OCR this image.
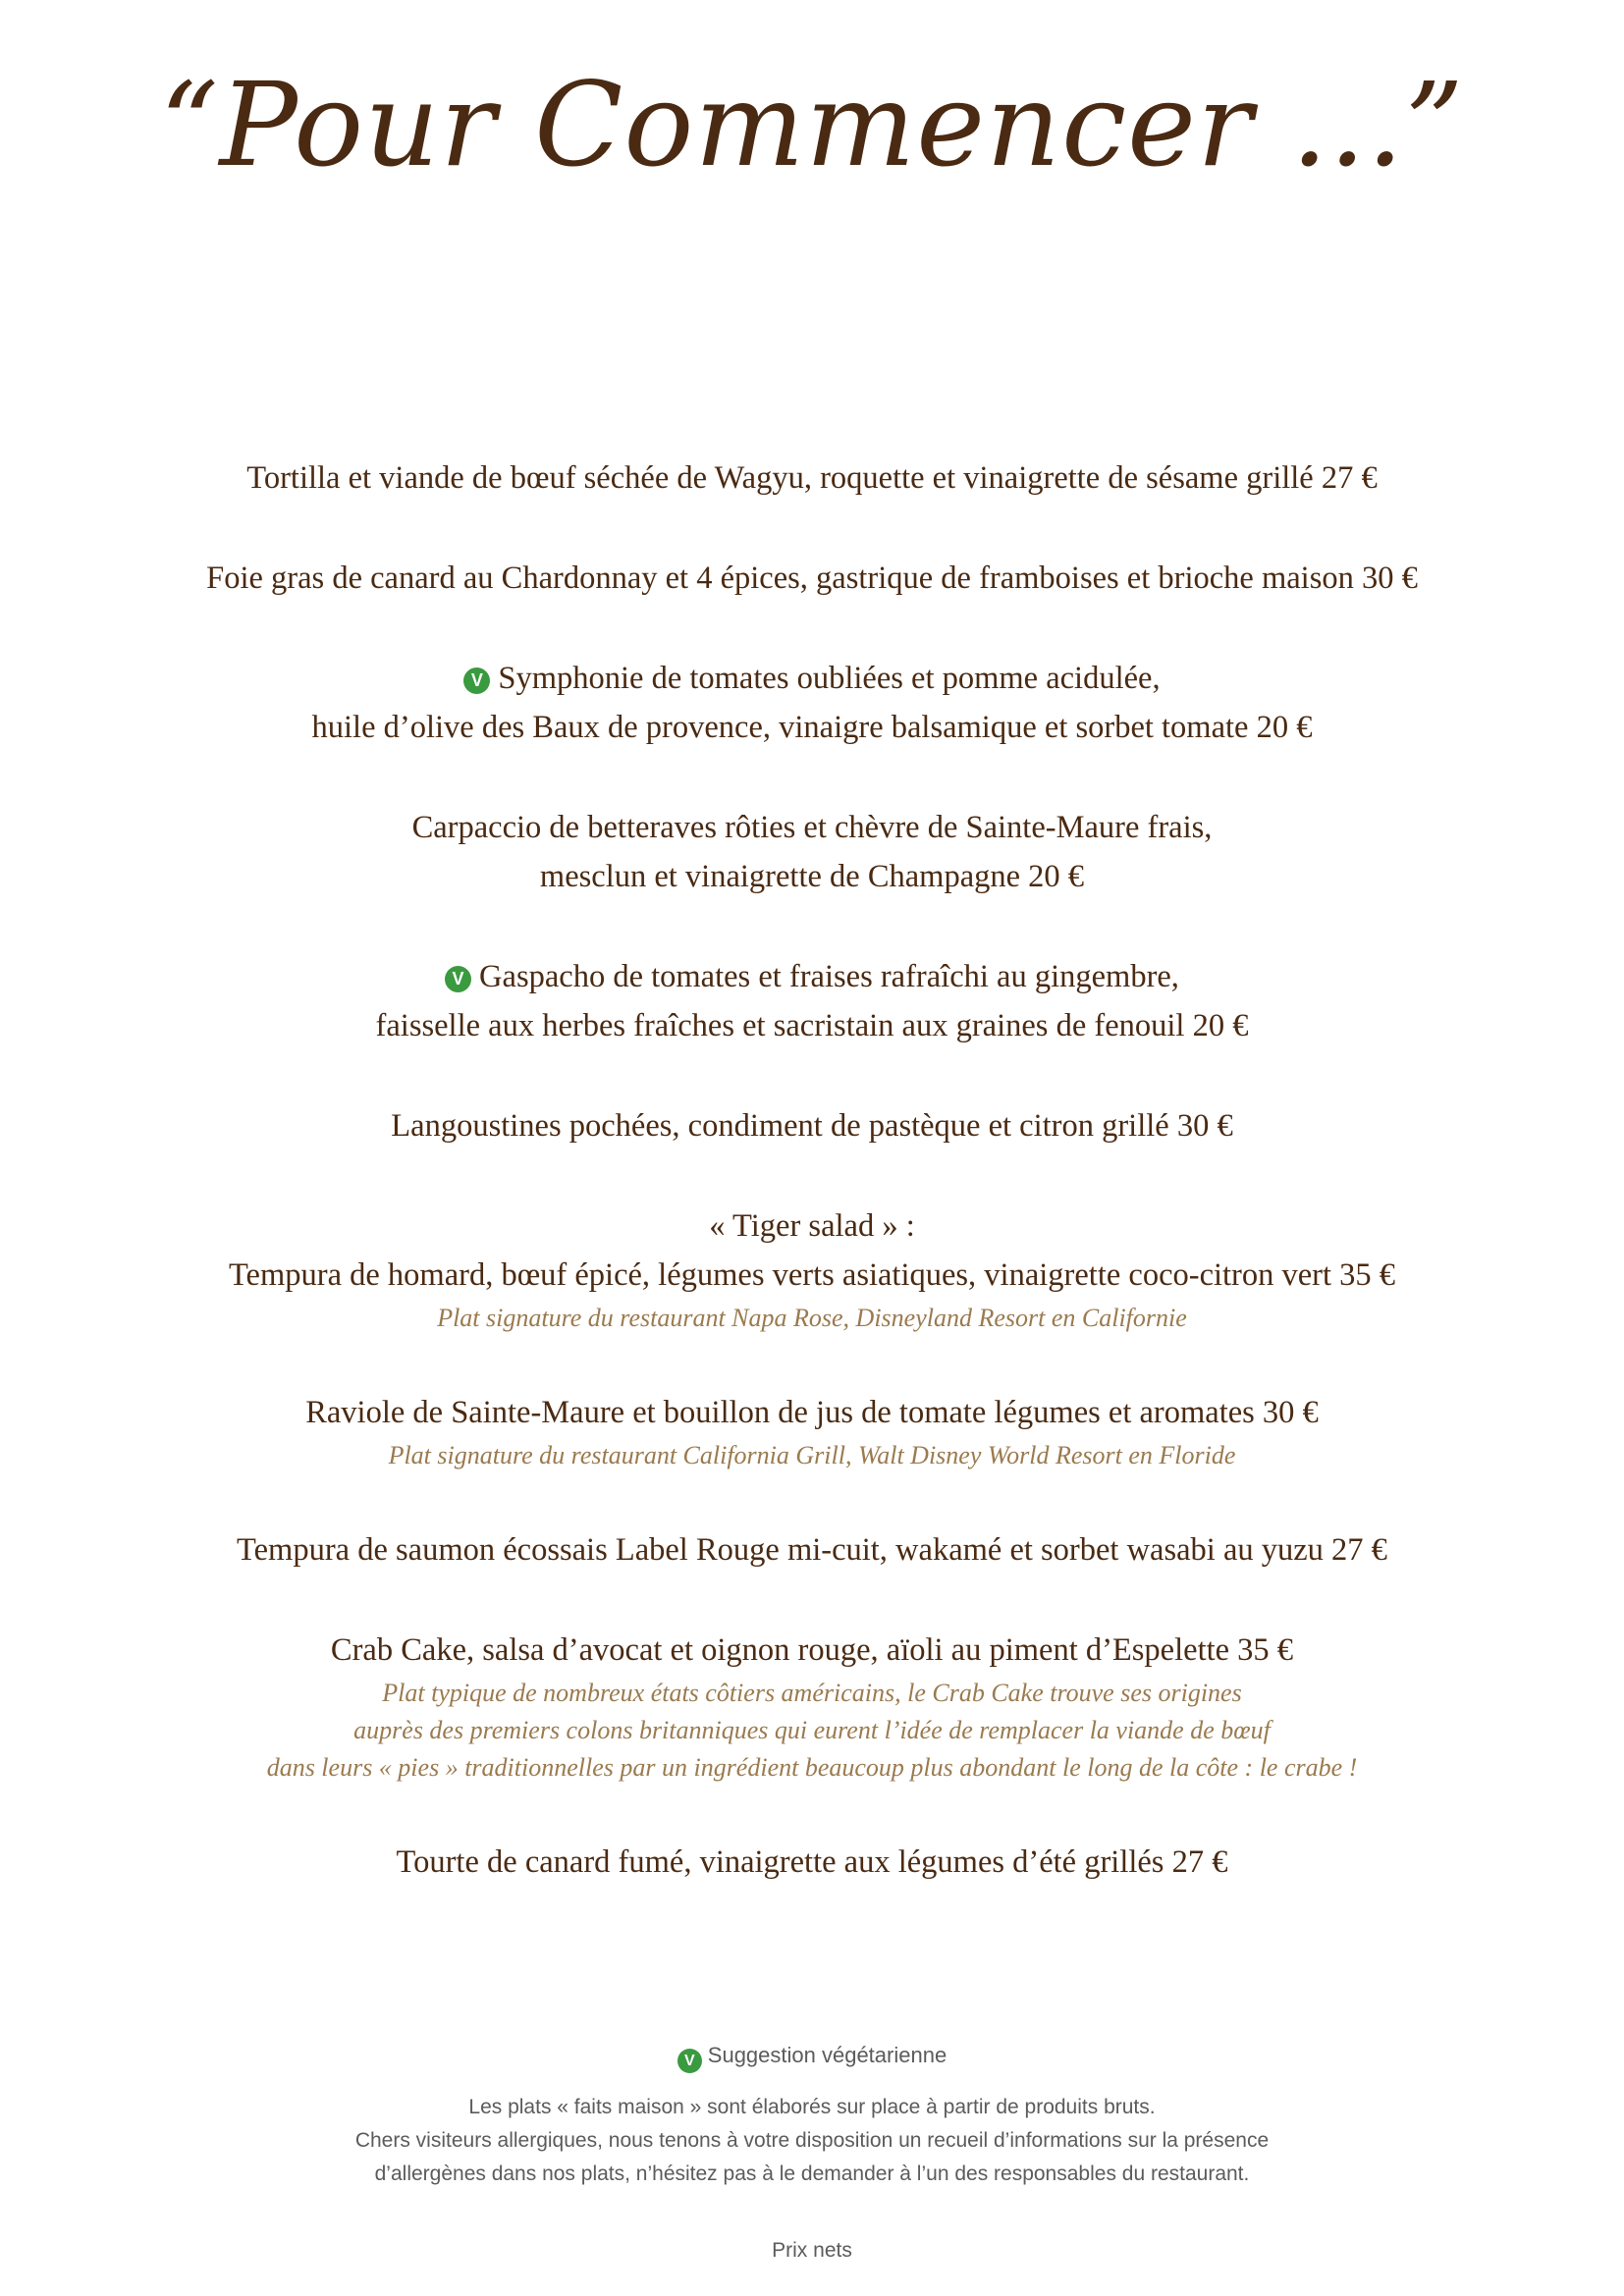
“Pour Commencer ...”
Tortilla et viande de bœuf séchée de Wagyu, roquette et vinaigrette de sésame grillé 27 €
Foie gras de canard au Chardonnay et 4 épices, gastrique de framboises et brioche maison 30 €
V Symphonie de tomates oubliées et pomme acidulée,
huile d’olive des Baux de provence, vinaigre balsamique et sorbet tomate 20 €
Carpaccio de betteraves rôties et chèvre de Sainte-Maure frais,
mesclun et vinaigrette de Champagne 20 €
V Gaspacho de tomates et fraises rafraîchi au gingembre,
faisselle aux herbes fraîches et sacristain aux graines de fenouil 20 €
Langoustines pochées, condiment de pastèque et citron grillé 30 €
« Tiger salad » :
Tempura de homard, bœuf épicé, légumes verts asiatiques, vinaigrette coco-citron vert 35 €
Plat signature du restaurant Napa Rose, Disneyland Resort en Californie
Raviole de Sainte-Maure et bouillon de jus de tomate légumes et aromates 30 €
Plat signature du restaurant California Grill, Walt Disney World Resort en Floride
Tempura de saumon écossais Label Rouge mi-cuit, wakamé et sorbet wasabi au yuzu 27 €
Crab Cake, salsa d’avocat et oignon rouge, aïoli au piment d’Espelette 35 €
Plat typique de nombreux états côtiers américains, le Crab Cake trouve ses origines
auprès des premiers colons britanniques qui eurent l’idée de remplacer la viande de bœuf
dans leurs « pies » traditionnelles par un ingrédient beaucoup plus abondant le long de la côte : le crabe !
Tourte de canard fumé, vinaigrette aux légumes d’été grillés 27 €
V Suggestion végétarienne
Les plats « faits maison » sont élaborés sur place à partir de produits bruts.
Chers visiteurs allergiques, nous tenons à votre disposition un recueil d’informations sur la présence
d’allergènes dans nos plats, n’hésitez pas à le demander à l’un des responsables du restaurant.
Prix nets
